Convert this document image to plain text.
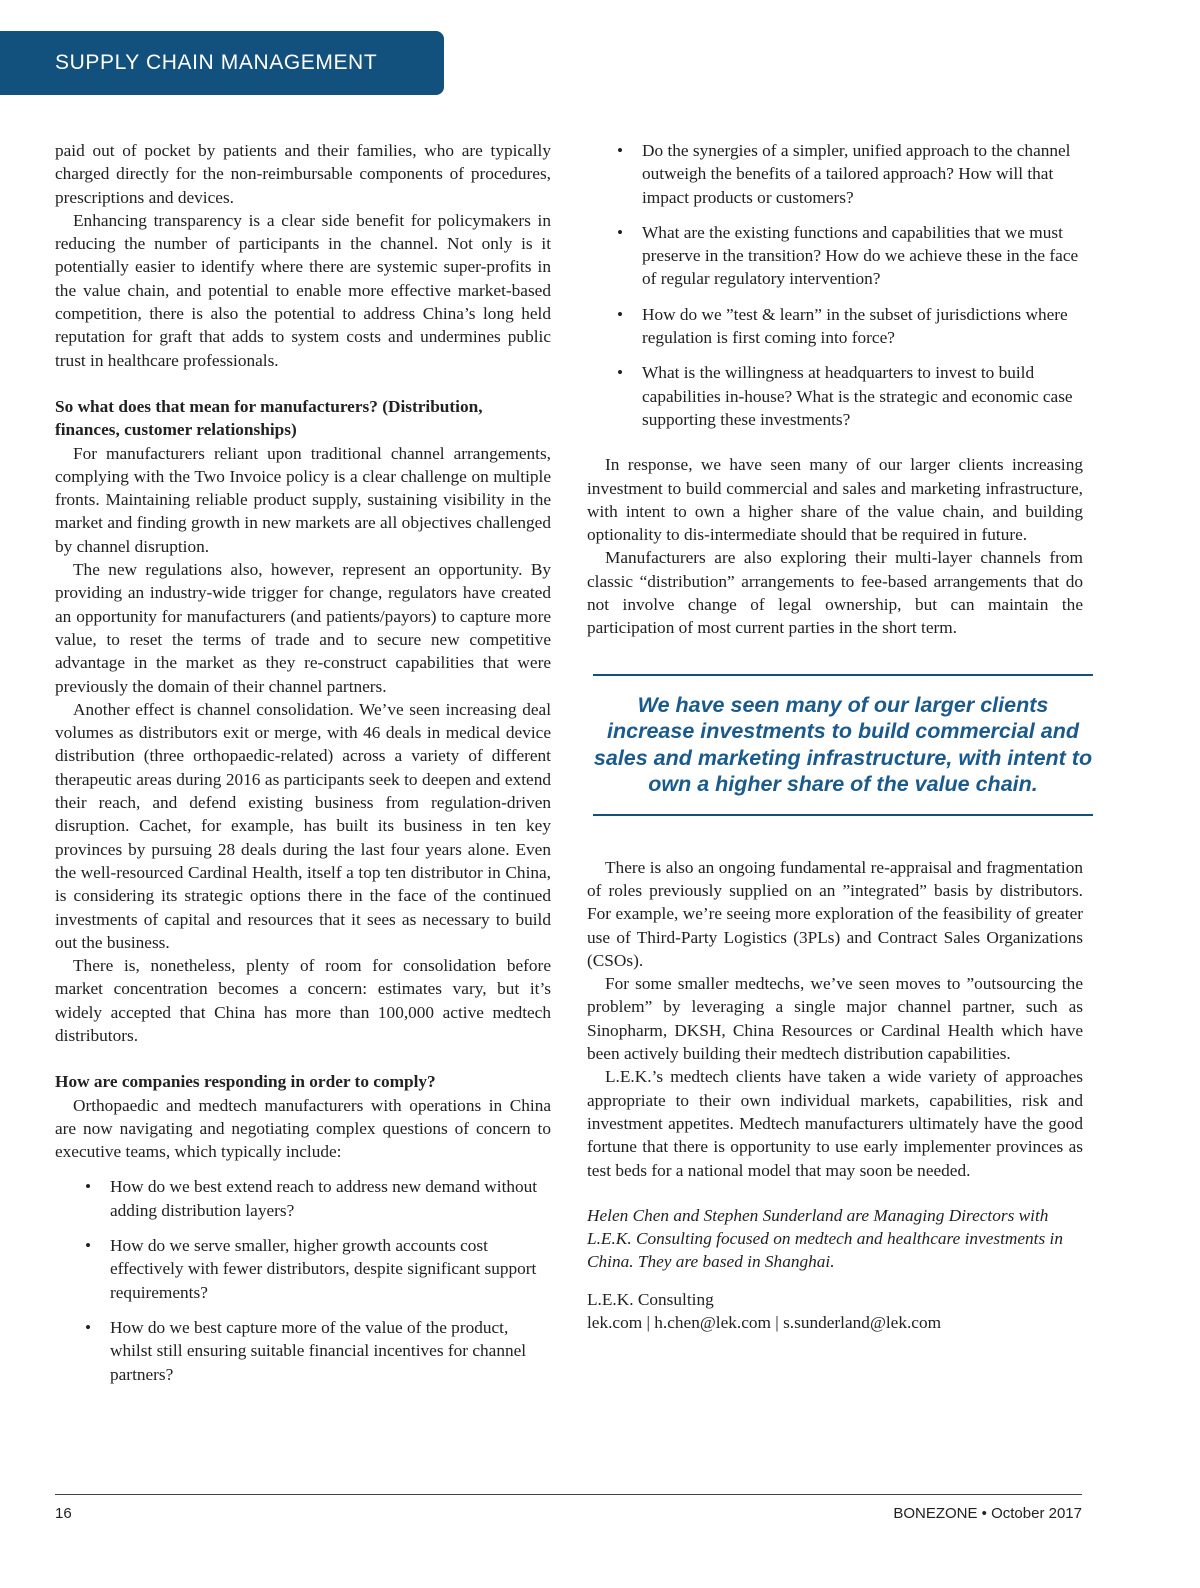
SUPPLY CHAIN MANAGEMENT

paid out of pocket by patients and their families, who are typically charged directly for the non-reimbursable components of procedures, prescriptions and devices.

Enhancing transparency is a clear side benefit for policymakers in reducing the number of participants in the channel. Not only is it potentially easier to identify where there are systemic super-profits in the value chain, and potential to enable more effective market-based competition, there is also the potential to address China’s long held reputation for graft that adds to system costs and undermines public trust in healthcare professionals.

So what does that mean for manufacturers? (Distribution, finances, customer relationships)

For manufacturers reliant upon traditional channel arrangements, complying with the Two Invoice policy is a clear challenge on multiple fronts. Maintaining reliable product supply, sustaining visibility in the market and finding growth in new markets are all objectives challenged by channel disruption.

The new regulations also, however, represent an opportunity. By providing an industry-wide trigger for change, regulators have created an opportunity for manufacturers (and patients/payors) to capture more value, to reset the terms of trade and to secure new competitive advantage in the market as they re-construct capabilities that were previously the domain of their channel partners.

Another effect is channel consolidation. We’ve seen increasing deal volumes as distributors exit or merge, with 46 deals in medical device distribution (three orthopaedic-related) across a variety of different therapeutic areas during 2016 as participants seek to deepen and extend their reach, and defend existing business from regulation-driven disruption. Cachet, for example, has built its business in ten key provinces by pursuing 28 deals during the last four years alone. Even the well-resourced Cardinal Health, itself a top ten distributor in China, is considering its strategic options there in the face of the continued investments of capital and resources that it sees as necessary to build out the business.

There is, nonetheless, plenty of room for consolidation before market concentration becomes a concern: estimates vary, but it’s widely accepted that China has more than 100,000 active medtech distributors.

How are companies responding in order to comply?

Orthopaedic and medtech manufacturers with operations in China are now navigating and negotiating complex questions of concern to executive teams, which typically include:

• How do we best extend reach to address new demand without adding distribution layers?
• How do we serve smaller, higher growth accounts cost effectively with fewer distributors, despite significant support requirements?
• How do we best capture more of the value of the product, whilst still ensuring suitable financial incentives for channel partners?
• Do the synergies of a simpler, unified approach to the channel outweigh the benefits of a tailored approach? How will that impact products or customers?
• What are the existing functions and capabilities that we must preserve in the transition? How do we achieve these in the face of regular regulatory intervention?
• How do we ”test & learn” in the subset of jurisdictions where regulation is first coming into force?
• What is the willingness at headquarters to invest to build capabilities in-house? What is the strategic and economic case supporting these investments?

In response, we have seen many of our larger clients increasing investment to build commercial and sales and marketing infrastructure, with intent to own a higher share of the value chain, and building optionality to dis-intermediate should that be required in future.

Manufacturers are also exploring their multi-layer channels from classic “distribution” arrangements to fee-based arrangements that do not involve change of legal ownership, but can maintain the participation of most current parties in the short term.

We have seen many of our larger clients increase investments to build commercial and sales and marketing infrastructure, with intent to own a higher share of the value chain.

There is also an ongoing fundamental re-appraisal and fragmentation of roles previously supplied on an ”integrated” basis by distributors. For example, we’re seeing more exploration of the feasibility of greater use of Third-Party Logistics (3PLs) and Contract Sales Organizations (CSOs).

For some smaller medtechs, we’ve seen moves to ”outsourcing the problem” by leveraging a single major channel partner, such as Sinopharm, DKSH, China Resources or Cardinal Health which have been actively building their medtech distribution capabilities.

L.E.K.’s medtech clients have taken a wide variety of approaches appropriate to their own individual markets, capabilities, risk and investment appetites. Medtech manufacturers ultimately have the good fortune that there is opportunity to use early implementer provinces as test beds for a national model that may soon be needed.

Helen Chen and Stephen Sunderland are Managing Directors with L.E.K. Consulting focused on medtech and healthcare investments in China. They are based in Shanghai.
L.E.K. Consulting
lek.com | h.chen@lek.com | s.sunderland@lek.com
16	BONEZONE • October 2017
